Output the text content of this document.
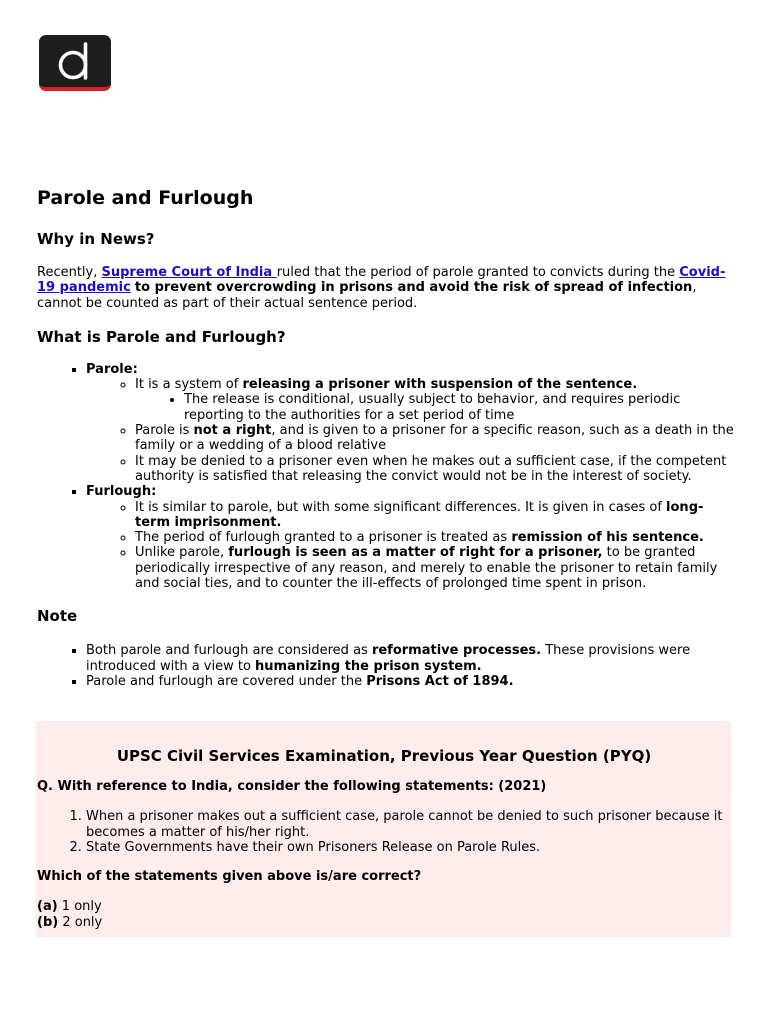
Parole and Furlough
Why in News?

Recently, Supreme Court of India ruled that the period of parole granted to convicts during the Covid-19 pandemic to prevent overcrowding in prisons and avoid the risk of spread of infection, cannot be counted as part of their actual sentence period.

What is Parole and Furlough?
▪ Parole:
◦ It is a system of releasing a prisoner with suspension of the sentence.
• The release is conditional, usually subject to behavior, and requires periodic reporting to the authorities for a set period of time
◦ Parole is not a right, and is given to a prisoner for a specific reason, such as a death in the family or a wedding of a blood relative
◦ It may be denied to a prisoner even when he makes out a sufficient case, if the competent authority is satisfied that releasing the convict would not be in the interest of society.
▪ Furlough:
◦ It is similar to parole, but with some significant differences. It is given in cases of long-term imprisonment.
◦ The period of furlough granted to a prisoner is treated as remission of his sentence.
◦ Unlike parole, furlough is seen as a matter of right for a prisoner, to be granted periodically irrespective of any reason, and merely to enable the prisoner to retain family and social ties, and to counter the ill-effects of prolonged time spent in prison.
Note
▪ Both parole and furlough are considered as reformative processes. These provisions were introduced with a view to humanizing the prison system.
▪ Parole and furlough are covered under the Prisons Act of 1894.
UPSC Civil Services Examination, Previous Year Question (PYQ)

Q. With reference to India, consider the following statements: (2021)

1. When a prisoner makes out a sufficient case, parole cannot be denied to such prisoner because it becomes a matter of his/her right.
2. State Governments have their own Prisoners Release on Parole Rules.

Which of the statements given above is/are correct?

(a) 1 only

(b) 2 only
